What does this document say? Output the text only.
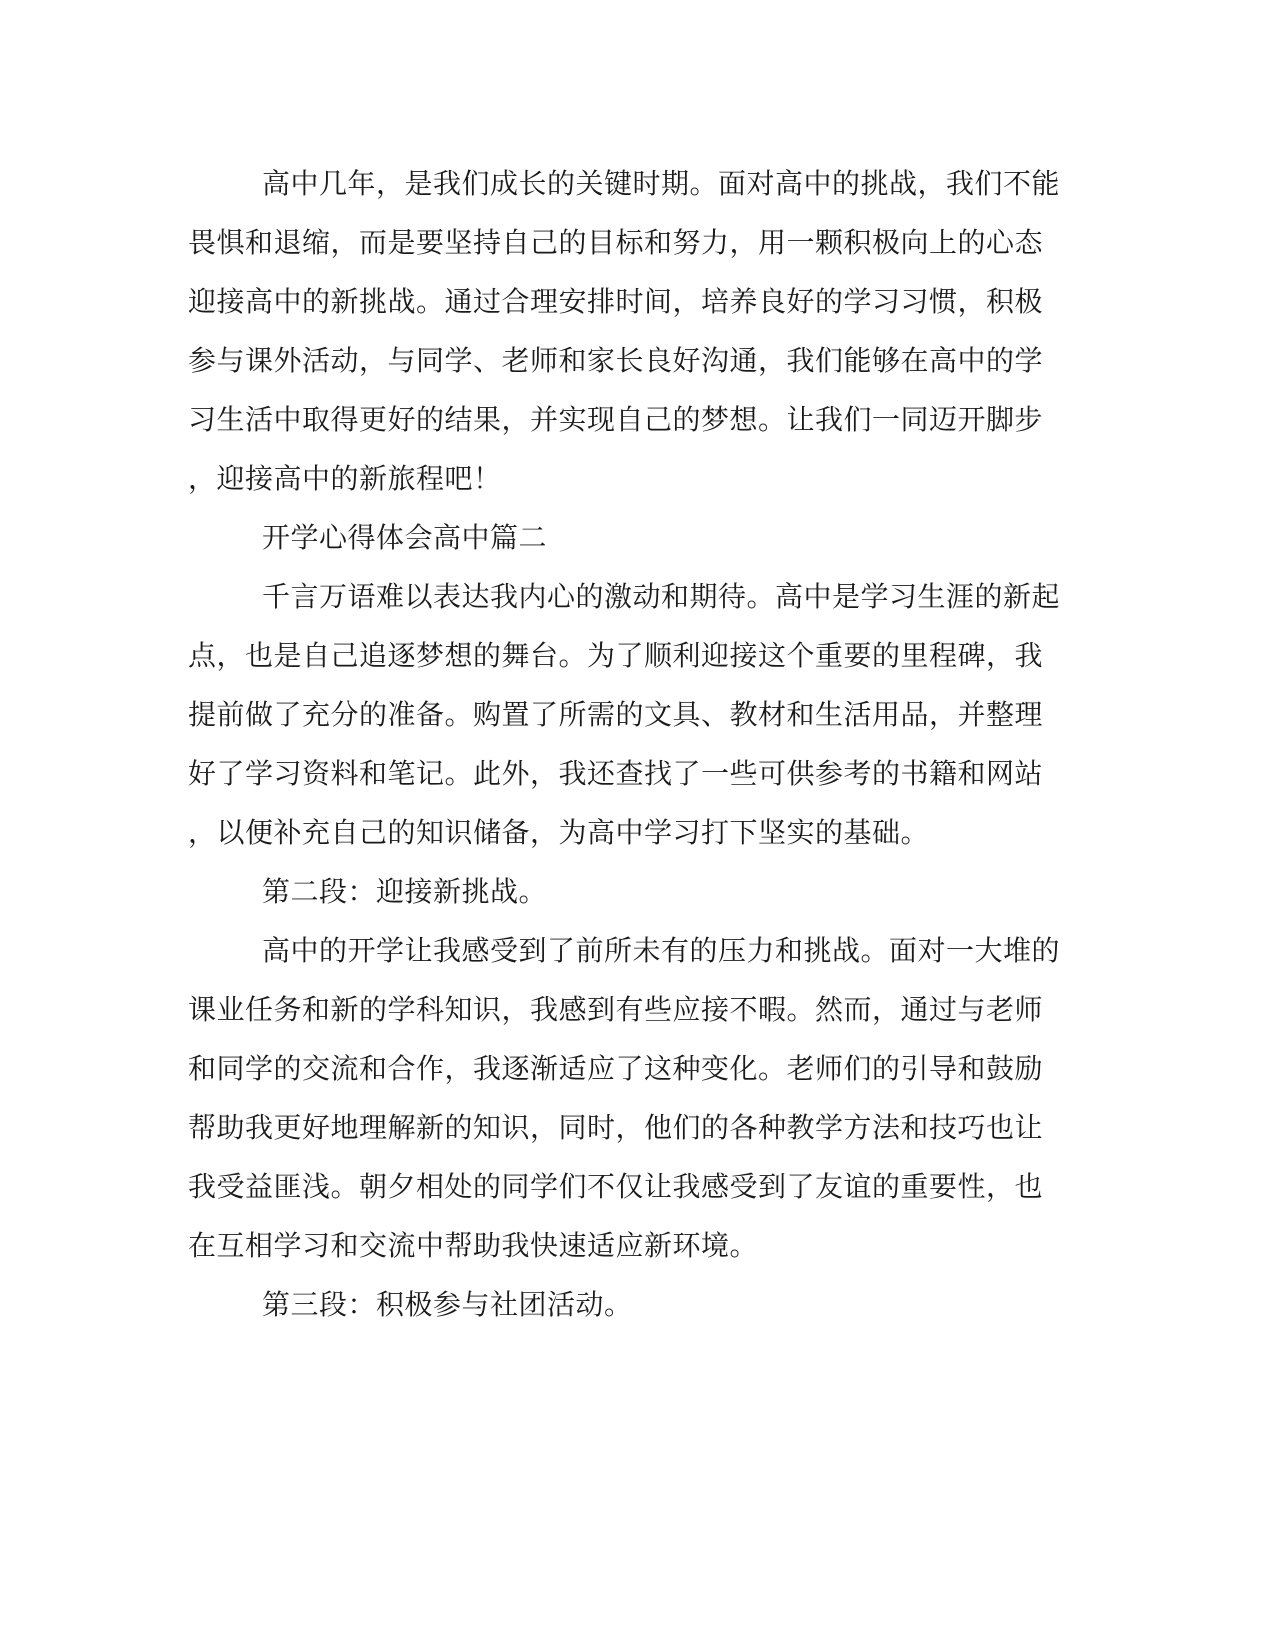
高中几年，是我们成长的关键时期。面对高中的挑战，我们不能
畏惧和退缩，而是要坚持自己的目标和努力，用一颗积极向上的心态
迎接高中的新挑战。通过合理安排时间，培养良好的学习习惯，积极
参与课外活动，与同学、老师和家长良好沟通，我们能够在高中的学
习生活中取得更好的结果，并实现自己的梦想。让我们一同迈开脚步
，迎接高中的新旅程吧！
开学心得体会高中篇二
千言万语难以表达我内心的激动和期待。高中是学习生涯的新起
点，也是自己追逐梦想的舞台。为了顺利迎接这个重要的里程碑，我
提前做了充分的准备。购置了所需的文具、教材和生活用品，并整理
好了学习资料和笔记。此外，我还查找了一些可供参考的书籍和网站
，以便补充自己的知识储备，为高中学习打下坚实的基础。
第二段：迎接新挑战。
高中的开学让我感受到了前所未有的压力和挑战。面对一大堆的
课业任务和新的学科知识，我感到有些应接不暇。然而，通过与老师
和同学的交流和合作，我逐渐适应了这种变化。老师们的引导和鼓励
帮助我更好地理解新的知识，同时，他们的各种教学方法和技巧也让
我受益匪浅。朝夕相处的同学们不仅让我感受到了友谊的重要性，也
在互相学习和交流中帮助我快速适应新环境。
第三段：积极参与社团活动。
